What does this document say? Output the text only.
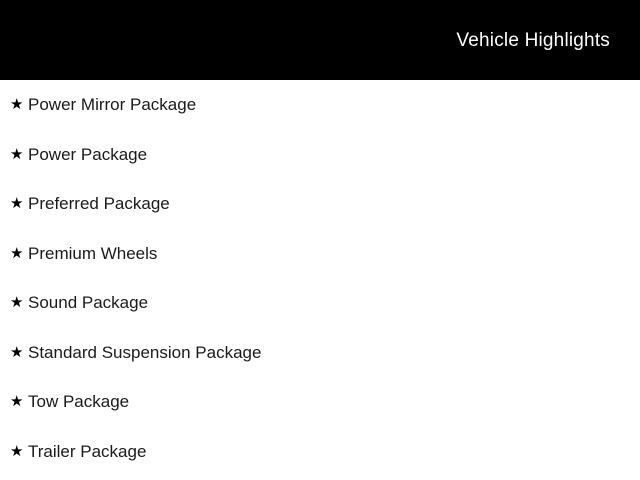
Vehicle Highlights
★ Power Mirror Package
★ Power Package
★ Preferred Package
★ Premium Wheels
★ Sound Package
★ Standard Suspension Package
★ Tow Package
★ Trailer Package
